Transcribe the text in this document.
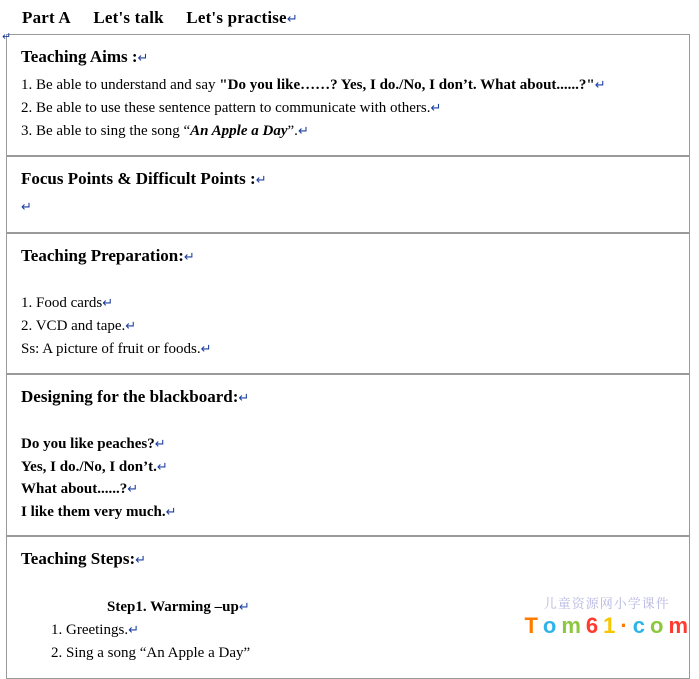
Part A Let's talk Let's practise↵
↵
Teaching Aims :↵

1. Be able to understand and say "Do you like……? Yes, I do./No, I don’t. What about......?"↵

2. Be able to use these sentence pattern to communicate with others.↵

3. Be able to sing the song “An Apple a Day”.↵

Focus Points & Difficult Points :↵

↵

Teaching Preparation:↵

1. Food cards↵

2. VCD and tape.↵

Ss: A picture of fruit or foods.↵

Designing for the blackboard:↵

Do you like peaches?↵

Yes, I do./No, I don’t.↵

What about......?↵

I like them very much.↵

Teaching Steps:↵

Step1. Warming –up↵

1. Greetings.↵

2. Sing a song “An Apple a Day”

儿童资源网小学课件
T o m 6 1 · c o m
